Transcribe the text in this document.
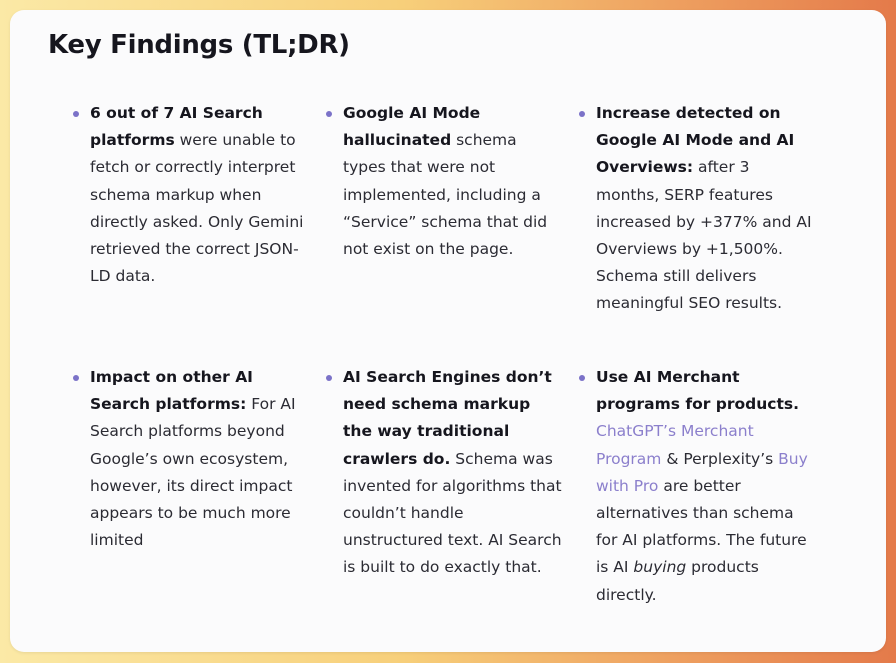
Key Findings (TL;DR)
6 out of 7 AI Search platforms were unable to fetch or correctly interpret schema markup when directly asked. Only Gemini retrieved the correct JSON-LD data.
Google AI Mode hallucinated schema types that were not implemented, including a “Service” schema that did not exist on the page.
Increase detected on Google AI Mode and AI Overviews: after 3 months, SERP features increased by +377% and AI Overviews by +1,500%. Schema still delivers meaningful SEO results.
Impact on other AI Search platforms: For AI Search platforms beyond Google’s own ecosystem, however, its direct impact appears to be much more limited
AI Search Engines don’t need schema markup the way traditional crawlers do. Schema was invented for algorithms that couldn’t handle unstructured text. AI Search is built to do exactly that.
Use AI Merchant programs for products. ChatGPT’s Merchant Program & Perplexity’s Buy with Pro are better alternatives than schema for AI platforms. The future is AI buying products directly.
